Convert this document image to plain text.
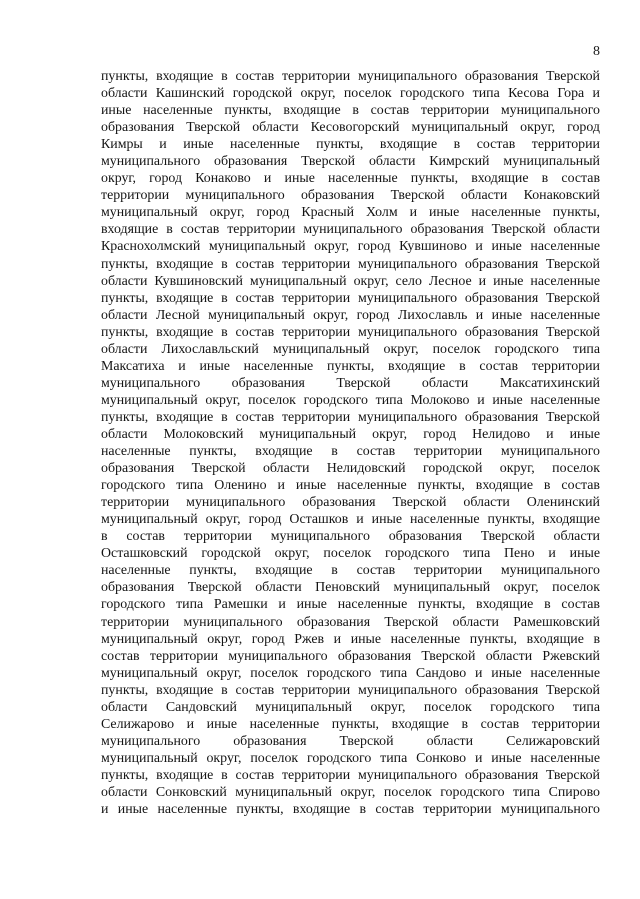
8
пункты, входящие в состав территории муниципального образования Тверской
области Кашинский городской округ, поселок городского типа Кесова Гора и
иные населенные пункты, входящие в состав территории муниципального
образования Тверской области Кесовогорский муниципальный округ, город
Кимры и иные населенные пункты, входящие в состав территории
муниципального образования Тверской области Кимрский муниципальный
округ, город Конаково и иные населенные пункты, входящие в состав
территории муниципального образования Тверской области Конаковский
муниципальный округ, город Красный Холм и иные населенные пункты,
входящие в состав территории муниципального образования Тверской области
Краснохолмский муниципальный округ, город Кувшиново и иные населенные
пункты, входящие в состав территории муниципального образования Тверской
области Кувшиновский муниципальный округ, село Лесное и иные населенные
пункты, входящие в состав территории муниципального образования Тверской
области Лесной муниципальный округ, город Лихославль и иные населенные
пункты, входящие в состав территории муниципального образования Тверской
области Лихославльский муниципальный округ, поселок городского типа
Максатиха и иные населенные пункты, входящие в состав территории
муниципального образования Тверской области Максатихинский
муниципальный округ, поселок городского типа Молоково и иные населенные
пункты, входящие в состав территории муниципального образования Тверской
области Молоковский муниципальный округ, город Нелидово и иные
населенные пункты, входящие в состав территории муниципального
образования Тверской области Нелидовский городской округ, поселок
городского типа Оленино и иные населенные пункты, входящие в состав
территории муниципального образования Тверской области Оленинский
муниципальный округ, город Осташков и иные населенные пункты, входящие
в состав территории муниципального образования Тверской области
Осташковский городской округ, поселок городского типа Пено и иные
населенные пункты, входящие в состав территории муниципального
образования Тверской области Пеновский муниципальный округ, поселок
городского типа Рамешки и иные населенные пункты, входящие в состав
территории муниципального образования Тверской области Рамешковский
муниципальный округ, город Ржев и иные населенные пункты, входящие в
состав территории муниципального образования Тверской области Ржевский
муниципальный округ, поселок городского типа Сандово и иные населенные
пункты, входящие в состав территории муниципального образования Тверской
области Сандовский муниципальный округ, поселок городского типа
Селижарово и иные населенные пункты, входящие в состав территории
муниципального образования Тверской области Селижаровский
муниципальный округ, поселок городского типа Сонково и иные населенные
пункты, входящие в состав территории муниципального образования Тверской
области Сонковский муниципальный округ, поселок городского типа Спирово
и иные населенные пункты, входящие в состав территории муниципального
